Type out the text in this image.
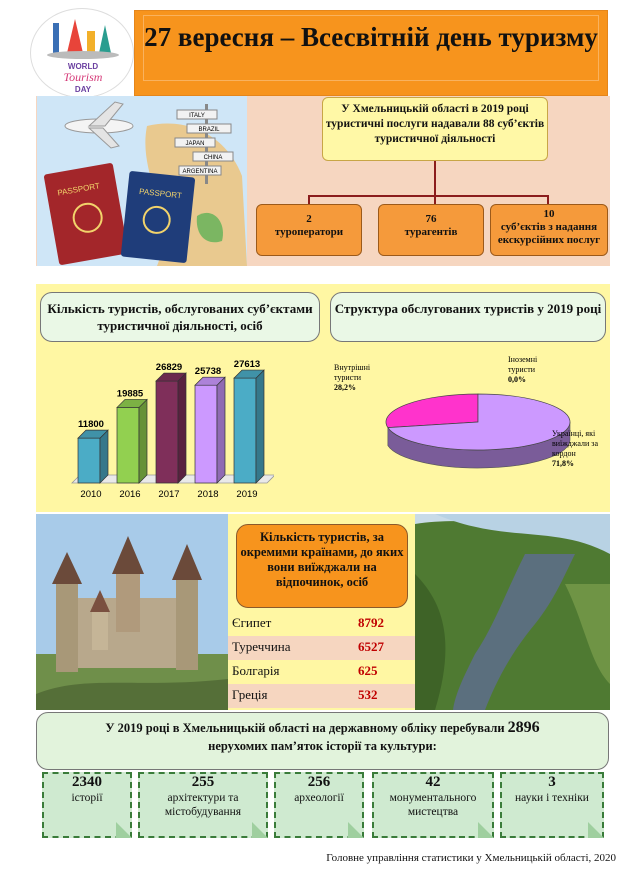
WORLD
Tourism
DAY
27 вересня – Всесвітній день туризму
ITALY
BRAZIL
JAPAN
CHINA
ARGENTINA
PASSPORT	PASSPORT
У Хмельницькій області в 2019 році туристичні послуги надавали 88 суб’єктів туристичної діяльності
2
туроператори
76
турагентів
10
суб’єктів з надання екскурсійних послуг
Кількість туристів, обслугованих суб’єктами туристичної діяльності, осіб
Структура обслугованих туристів у 2019 році
11800
2010
19885
2016
26829
2017
25738
2018
27613
2019
Внутрішні туристи 28,2%
Іноземні туристи 0,0%
Українці, які виїжджали за кордон 71,8%
Кількість туристів, за окремими країнами, до яких вони виїжджали на відпочинок, осіб
Єгипет	8792
Туреччина	6527
Болгарія	625
Греція	532
У 2019 році в Хмельницькій області на державному обліку перебували 2896
нерухомих пам’яток історії та культури:
2340
історії
255
архітектури та містобудування
256
археології
42
монументального мистецтва
3
науки і техніки
Головне управління статистики у Хмельницькій області, 2020
